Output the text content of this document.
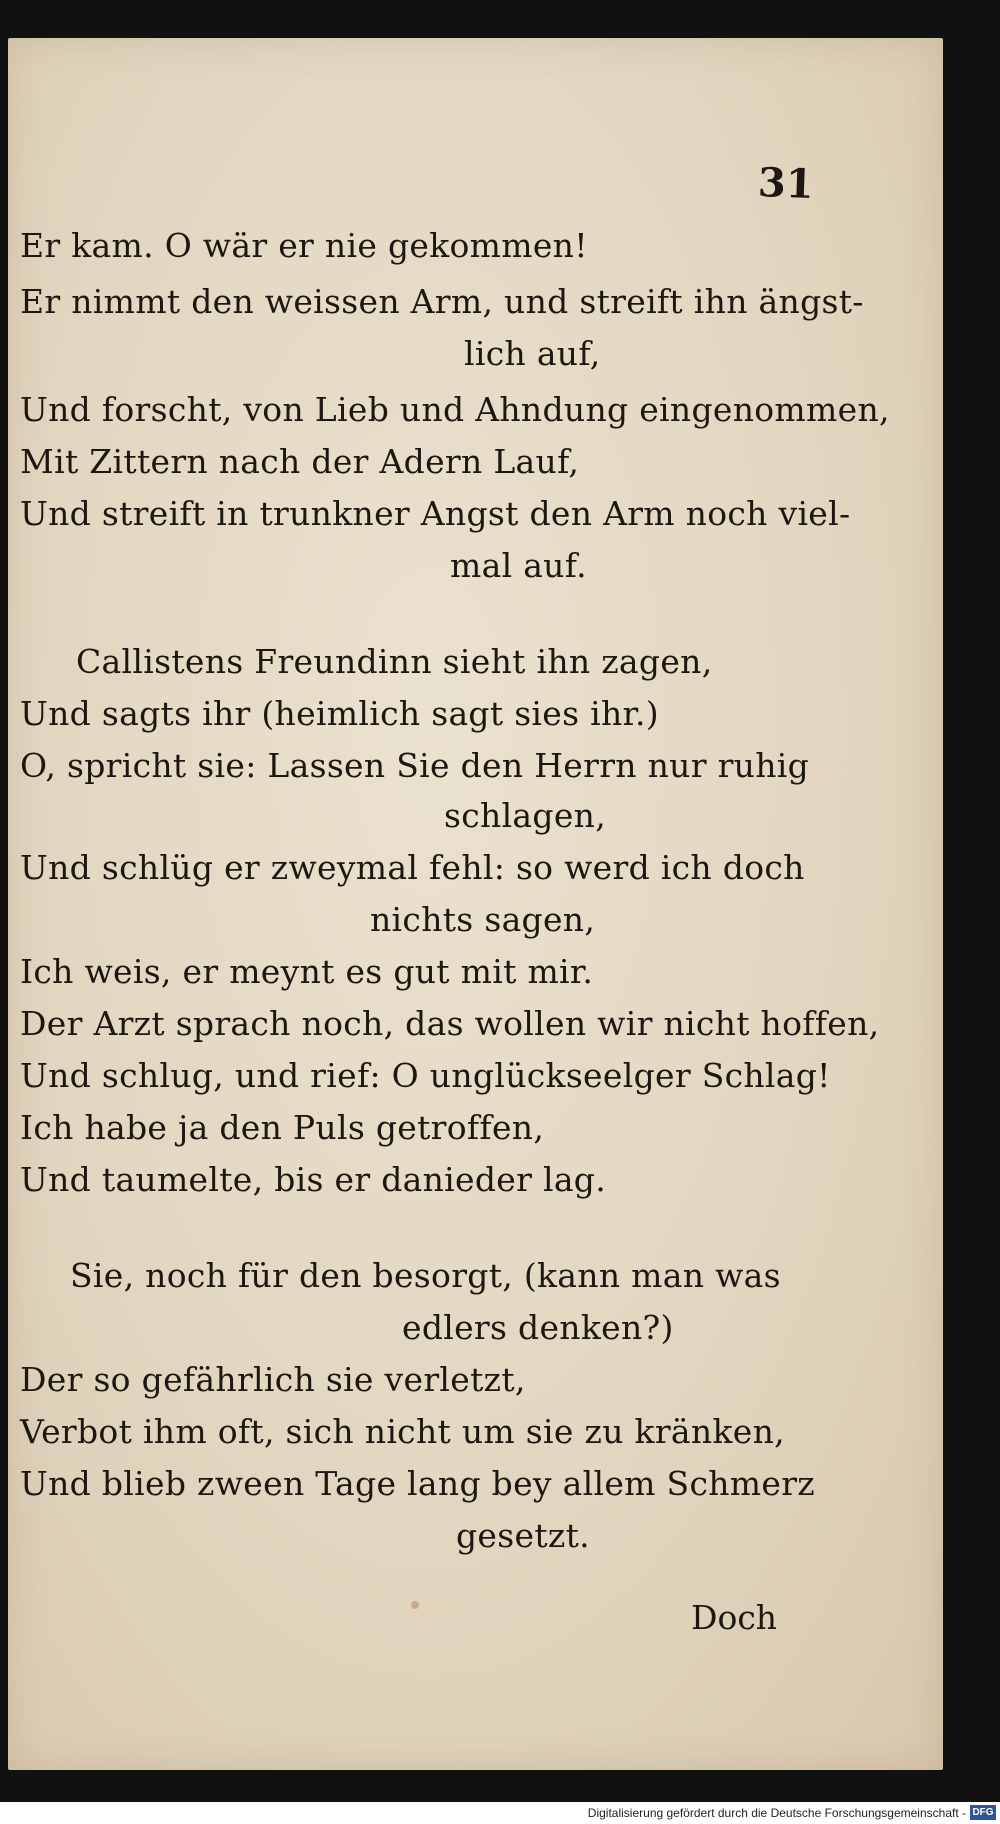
31
Er kam. O wär er nie gekommen!
Er nimmt den weissen Arm, und streift ihn ängst-
lich auf,
Und forscht, von Lieb und Ahndung eingenommen,
Mit Zittern nach der Adern Lauf,
Und streift in trunkner Angst den Arm noch viel-
mal auf.
Callistens Freundinn sieht ihn zagen,
Und sagts ihr (heimlich sagt sies ihr.)
O, spricht sie: Lassen Sie den Herrn nur ruhig
schlagen,
Und schlüg er zweymal fehl: so werd ich doch
nichts sagen,
Ich weis, er meynt es gut mit mir.
Der Arzt sprach noch, das wollen wir nicht hoffen,
Und schlug, und rief: O unglückseelger Schlag!
Ich habe ja den Puls getroffen,
Und taumelte, bis er danieder lag.
Sie, noch für den besorgt, (kann man was
edlers denken?)
Der so gefährlich sie verletzt,
Verbot ihm oft, sich nicht um sie zu kränken,
Und blieb zween Tage lang bey allem Schmerz
gesetzt.
Doch
Digitalisierung gefördert durch die Deutsche Forschungsgemeinschaft - DFG
